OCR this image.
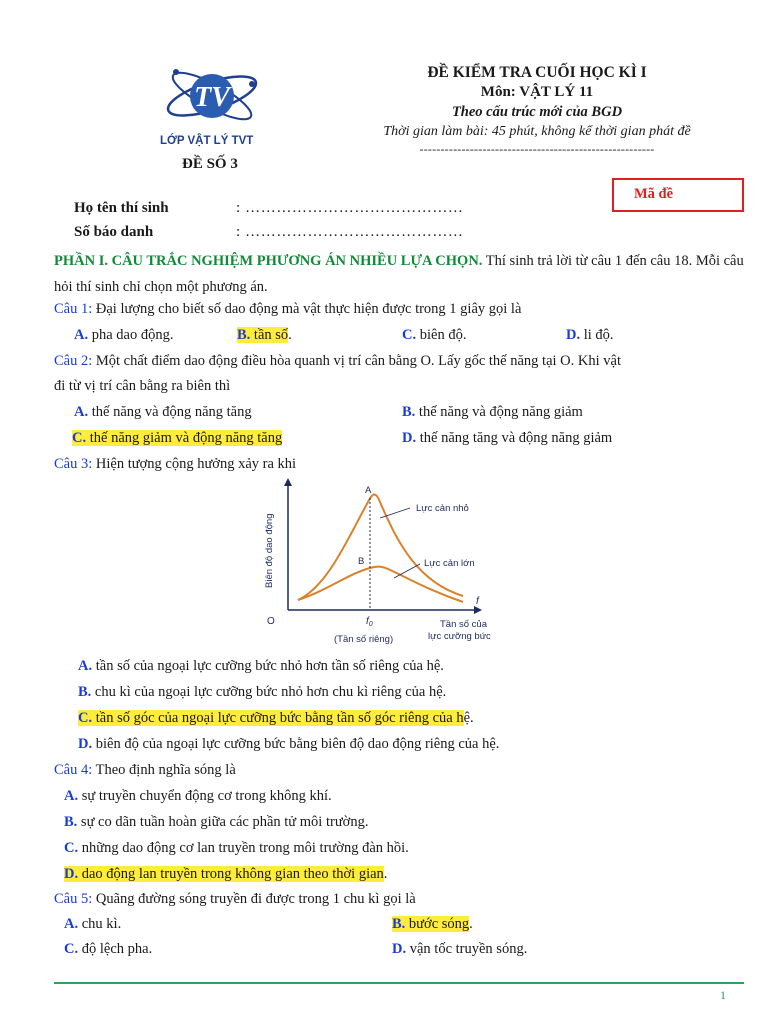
TV
LỚP VẬT LÝ TVT
ĐỀ SỐ 3
ĐỀ KIỂM TRA CUỐI HỌC KÌ I
Môn: VẬT LÝ 11
Theo cấu trúc mới của BGD
Thời gian làm bài: 45 phút, không kể thời gian phát đề
--------------------------------------------------------
Mã đề
Họ tên thí sinh	: ……………………………………
Số báo danh	: ……………………………………
PHẦN I. CÂU TRẮC NGHIỆM PHƯƠNG ÁN NHIỀU LỰA CHỌN. Thí sinh trả lời từ câu 1 đến câu 18. Mỗi câu hỏi thí sinh chỉ chọn một phương án.
Câu 1: Đại lượng cho biết số dao động mà vật thực hiện được trong 1 giây gọi là
A. pha dao động.	B. tần số.	C. biên độ.	D. li độ.
Câu 2: Một chất điểm dao động điều hòa quanh vị trí cân bằng O. Lấy gốc thế năng tại O. Khi vật
đi từ vị trí cân bằng ra biên thì
A. thế năng và động năng tăng	B. thế năng và động năng giảm
C. thế năng giảm và động năng tăng	D. thế năng tăng và động năng giảm
Câu 3: Hiện tượng cộng hưởng xảy ra khi
Biên độ dao động
f
O
A
B
$f_0$
(Tần số riêng)
Tần số của
lực cưỡng bức
Lực cản nhỏ
Lực cản lớn
A. tần số của ngoại lực cưỡng bức nhỏ hơn tần số riêng của hệ.
B. chu kì của ngoại lực cưỡng bức nhỏ hơn chu kì riêng của hệ.
C. tần số góc của ngoại lực cưỡng bức bằng tần số góc riêng của hệ.
D. biên độ của ngoại lực cưỡng bức bằng biên độ dao động riêng của hệ.
Câu 4: Theo định nghĩa sóng là
A. sự truyền chuyển động cơ trong không khí.
B. sự co dãn tuần hoàn giữa các phần tử môi trường.
C. những dao động cơ lan truyền trong môi trường đàn hồi.
D. dao động lan truyền trong không gian theo thời gian.
Câu 5: Quãng đường sóng truyền đi được trong 1 chu kì gọi là
A. chu kì.	B. bước sóng.
C. độ lệch pha.	D. vận tốc truyền sóng.
1
